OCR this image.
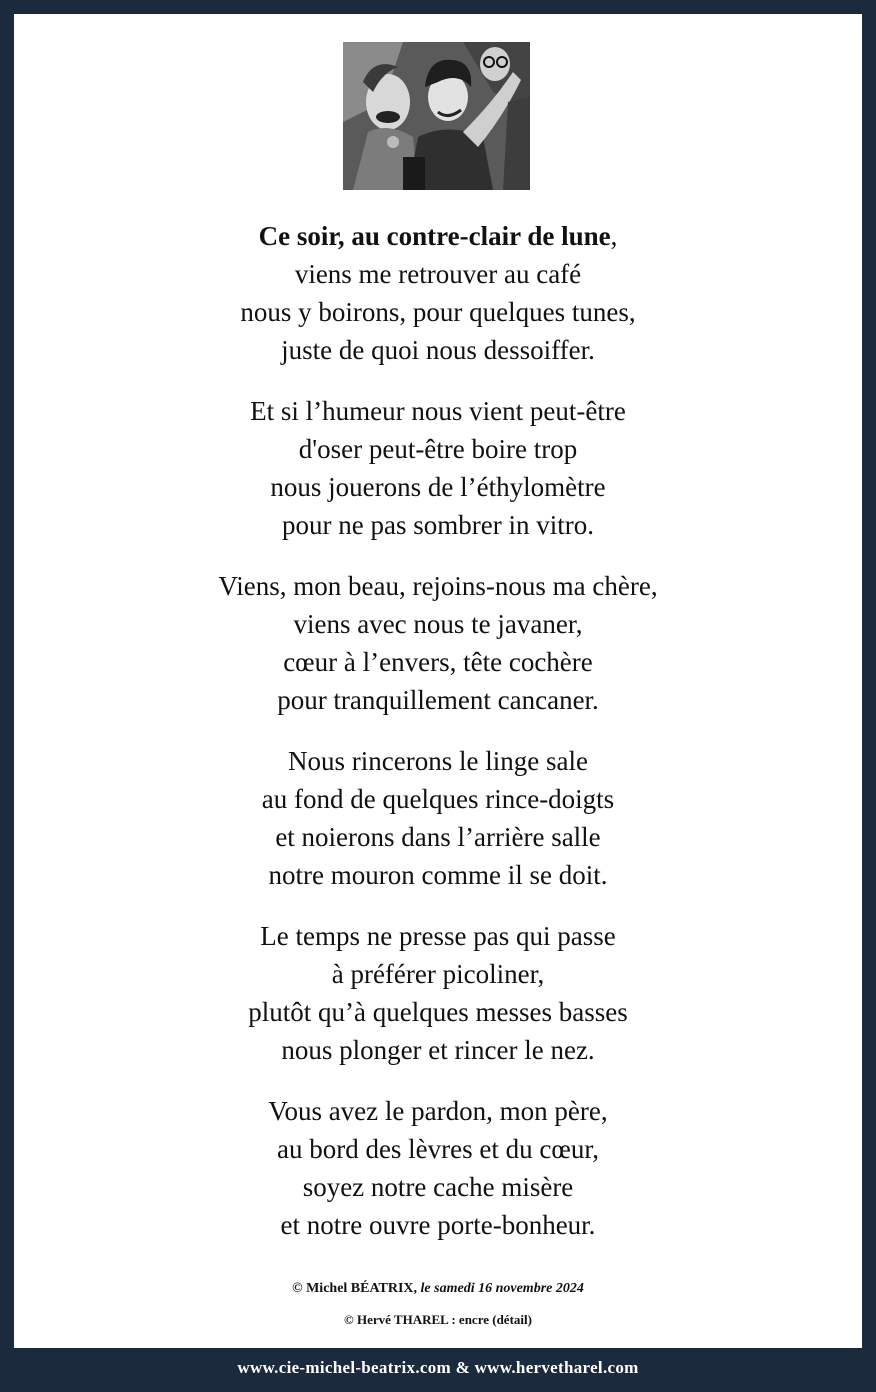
Ce soir, au contre-clair de lune,
viens me retrouver au café
nous y boirons, pour quelques tunes,
juste de quoi nous dessoiffer.
Et si l’humeur nous vient peut-être
d'oser peut-être boire trop
nous jouerons de l’éthylomètre
pour ne pas sombrer in vitro.
Viens, mon beau, rejoins-nous ma chère,
viens avec nous te javaner,
cœur à l’envers, tête cochère
pour tranquillement cancaner.
Nous rincerons le linge sale
au fond de quelques rince-doigts
et noierons dans l’arrière salle
notre mouron comme il se doit.
Le temps ne presse pas qui passe
à préférer picoliner,
plutôt qu’à quelques messes basses
nous plonger et rincer le nez.
Vous avez le pardon, mon père,
au bord des lèvres et du cœur,
soyez notre cache misère
et notre ouvre porte-bonheur.
© Michel BÉATRIX, le samedi 16 novembre 2024
© Hervé THAREL : encre (détail)
www.cie-michel-beatrix.com & www.hervetharel.com
